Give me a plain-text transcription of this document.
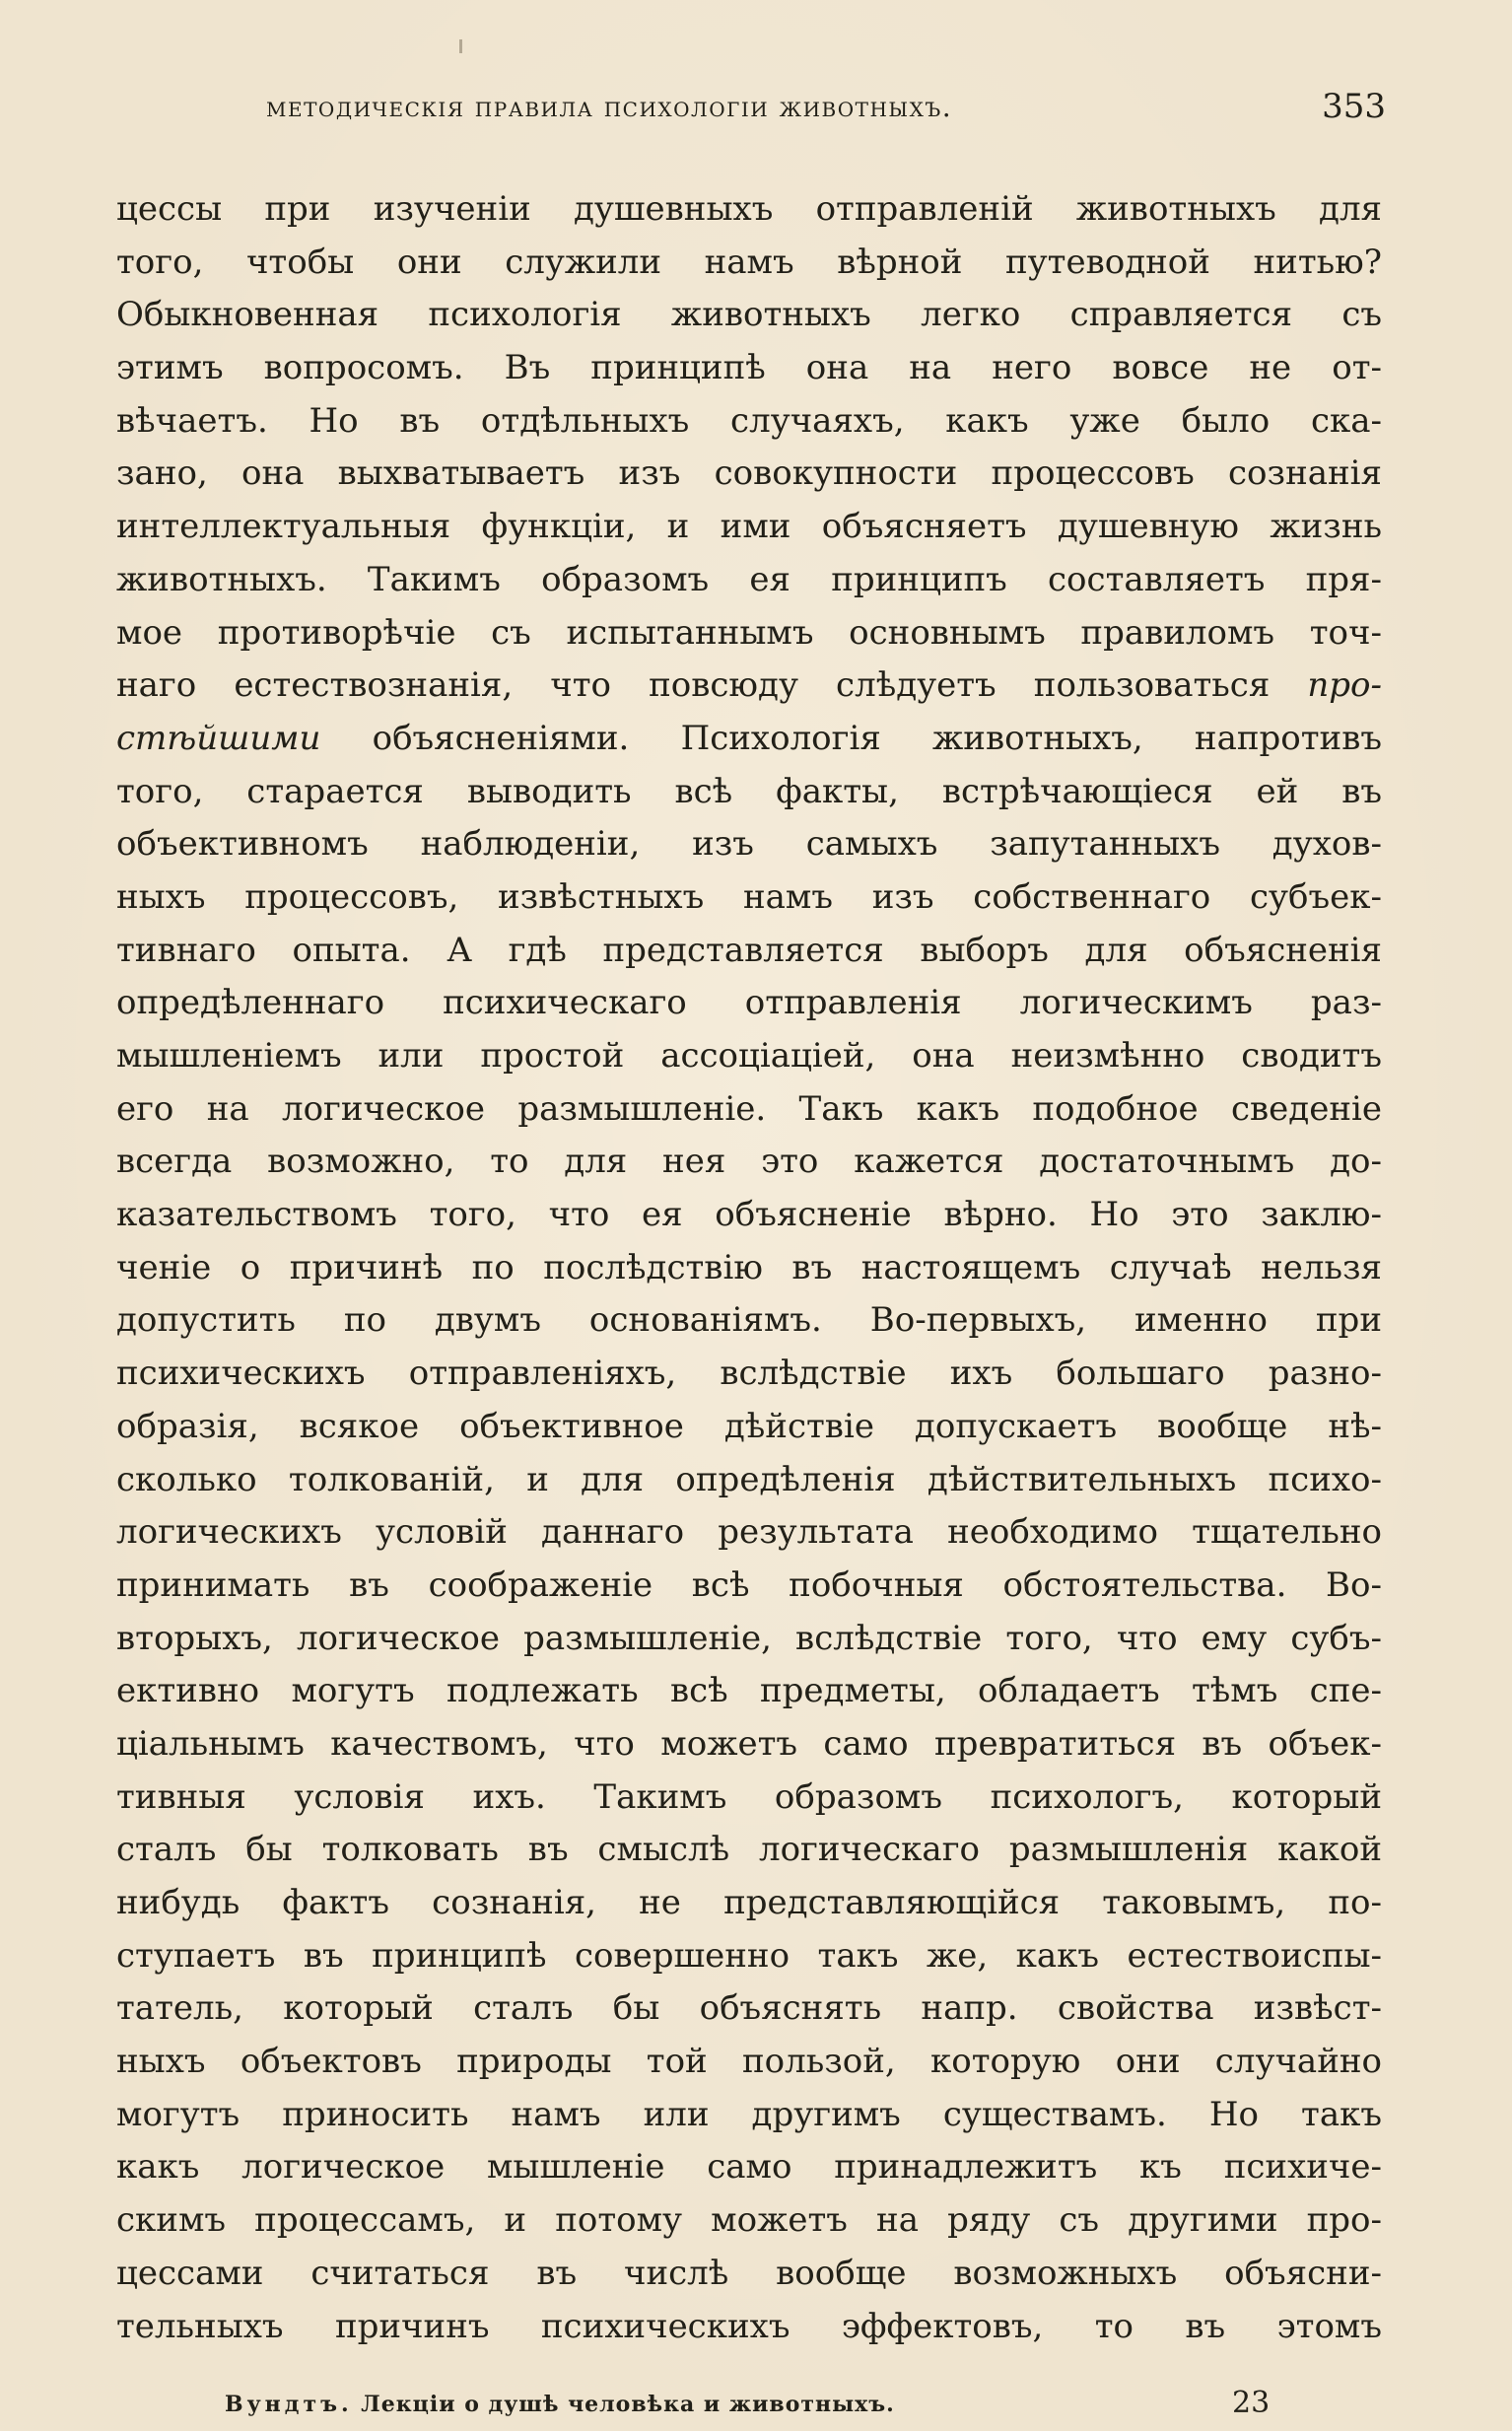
методическія правила психологіи животныхъ.	353
цессы при изученіи душевныхъ отправленій животныхъ для
того, чтобы они служили намъ вѣрной путеводной нитью?
Обыкновенная психологія животныхъ легко справляется съ
этимъ вопросомъ. Въ принципѣ она на него вовсе не от-
вѣчаетъ. Но въ отдѣльныхъ случаяхъ, какъ уже было ска-
зано, она выхватываетъ изъ совокупности процессовъ сознанія
интеллектуальныя функціи, и ими объясняетъ душевную жизнь
животныхъ. Такимъ образомъ ея принципъ составляетъ пря-
мое противорѣчіе съ испытаннымъ основнымъ правиломъ точ-
наго естествознанія, что повсюду слѣдуетъ пользоваться про-
стѣйшими объясненіями. Психологія животныхъ, напротивъ
того, старается выводить всѣ факты, встрѣчающіеся ей въ
объективномъ наблюденіи, изъ самыхъ запутанныхъ духов-
ныхъ процессовъ, извѣстныхъ намъ изъ собственнаго субъек-
тивнаго опыта. А гдѣ представляется выборъ для объясненія
опредѣленнаго психическаго отправленія логическимъ раз-
мышленіемъ или простой ассоціаціей, она неизмѣнно сводитъ
его на логическое размышленіе. Такъ какъ подобное сведеніе
всегда возможно, то для нея это кажется достаточнымъ до-
казательствомъ того, что ея объясненіе вѣрно. Но это заклю-
ченіе о причинѣ по послѣдствію въ настоящемъ случаѣ нельзя
допустить по двумъ основаніямъ. Во-первыхъ, именно при
психическихъ отправленіяхъ, вслѣдствіе ихъ большаго разно-
образія, всякое объективное дѣйствіе допускаетъ вообще нѣ-
сколько толкованій, и для опредѣленія дѣйствительныхъ психо-
логическихъ условій даннаго результата необходимо тщательно
принимать въ соображеніе всѣ побочныя обстоятельства. Во-
вторыхъ, логическое размышленіе, вслѣдствіе того, что ему субъ-
ективно могутъ подлежать всѣ предметы, обладаетъ тѣмъ спе-
ціальнымъ качествомъ, что можетъ само превратиться въ объек-
тивныя условія ихъ. Такимъ образомъ психологъ, который
сталъ бы толковать въ смыслѣ логическаго размышленія какой
нибудь фактъ сознанія, не представляющійся таковымъ, по-
ступаетъ въ принципѣ совершенно такъ же, какъ естествоиспы-
татель, который сталъ бы объяснять напр. свойства извѣст-
ныхъ объектовъ природы той пользой, которую они случайно
могутъ приносить намъ или другимъ существамъ. Но такъ
какъ логическое мышленіе само принадлежитъ къ психиче-
скимъ процессамъ, и потому можетъ на ряду съ другими про-
цессами считаться въ числѣ вообще возможныхъ объясни-
тельныхъ причинъ психическихъ эффектовъ, то въ этомъ
Вундтъ. Лекціи о душѣ человѣка и животныхъ.	23
